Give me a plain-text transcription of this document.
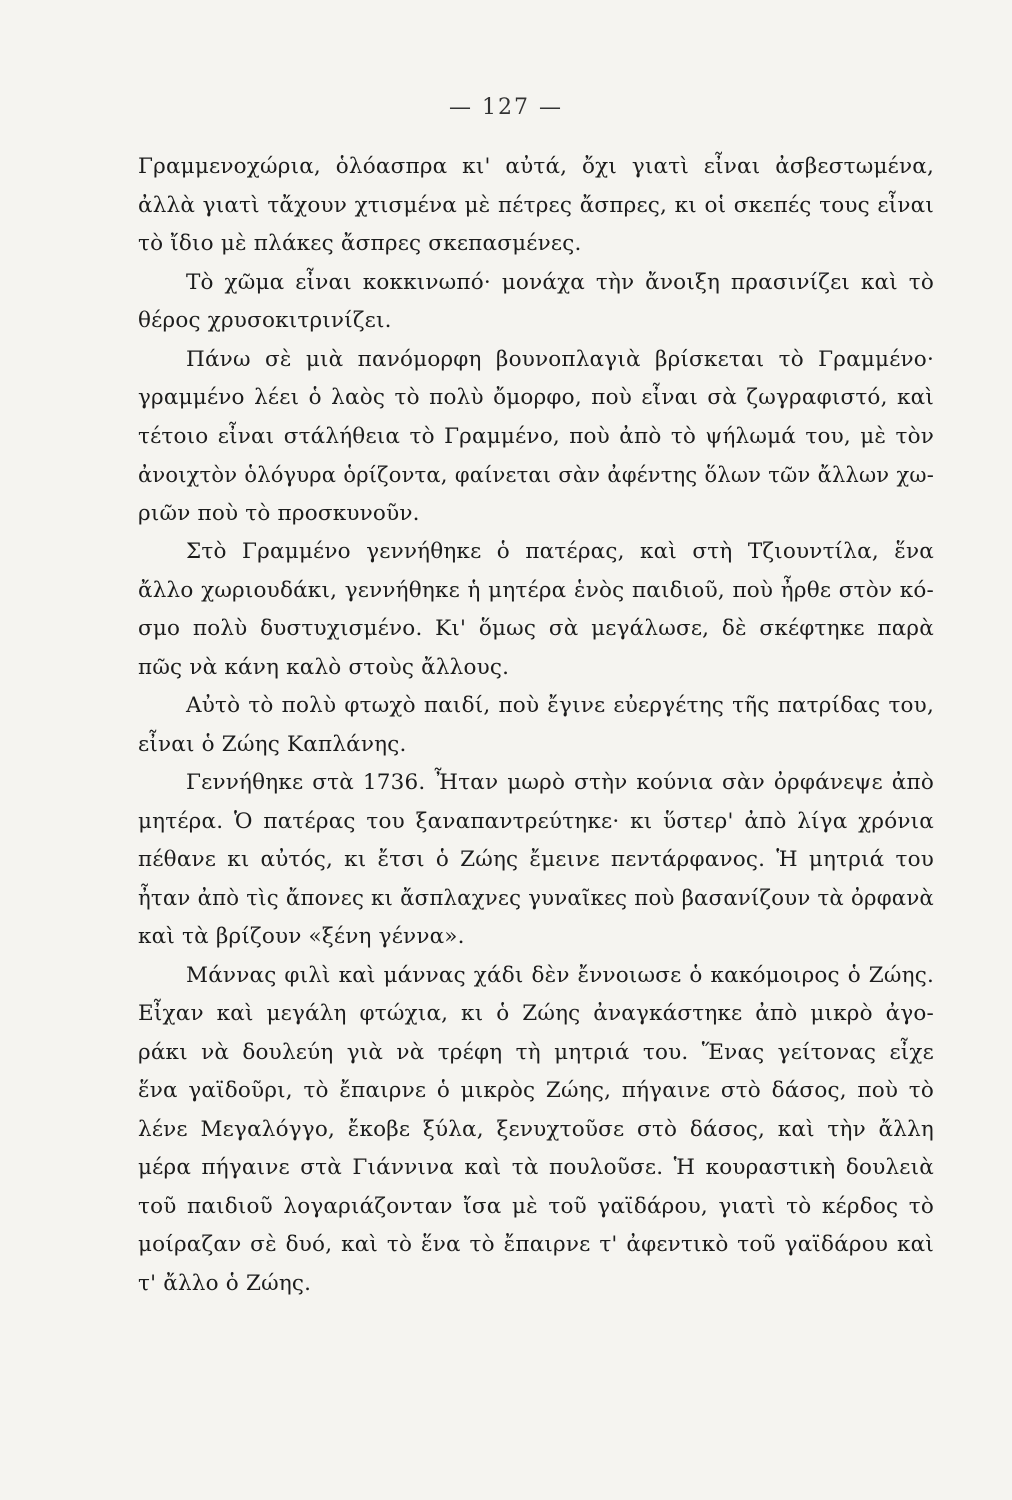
— 127 —
Γραμμενοχώρια, ὁλόασπρα κι' αὐτά, ὄχι γιατὶ εἶναι ἀσβεστωμένα,
ἀλλὰ γιατὶ τἄχουν χτισμένα μὲ πέτρες ἄσπρες, κι οἱ σκεπές τους εἶναι
τὸ ἴδιο μὲ πλάκες ἄσπρες σκεπασμένες.
Τὸ χῶμα εἶναι κοκκινωπό· μονάχα τὴν ἄνοιξη πρασινίζει καὶ τὸ
θέρος χρυσοκιτρινίζει.
Πάνω σὲ μιὰ πανόμορφη βουνοπλαγιὰ βρίσκεται τὸ Γραμμένο·
γραμμένο λέει ὁ λαὸς τὸ πολὺ ὄμορφο, ποὺ εἶναι σὰ ζωγραφιστό, καὶ
τέτοιο εἶναι στάλήθεια τὸ Γραμμένο, ποὺ ἀπὸ τὸ ψήλωμά του, μὲ τὸν
ἀνοιχτὸν ὁλόγυρα ὁρίζοντα, φαίνεται σὰν ἀφέντης ὅλων τῶν ἄλλων χω-
ριῶν ποὺ τὸ προσκυνοῦν.
Στὸ Γραμμένο γεννήθηκε ὁ πατέρας, καὶ στὴ Τζιουντίλα, ἕνα
ἄλλο χωριουδάκι, γεννήθηκε ἡ μητέρα ἑνὸς παιδιοῦ, ποὺ ἦρθε στὸν κό-
σμο πολὺ δυστυχισμένο. Κι' ὅμως σὰ μεγάλωσε, δὲ σκέφτηκε παρὰ
πῶς νὰ κάνη καλὸ στοὺς ἄλλους.
Αὐτὸ τὸ πολὺ φτωχὸ παιδί, ποὺ ἔγινε εὐεργέτης τῆς πατρίδας του,
εἶναι ὁ Ζώης Καπλάνης.
Γεννήθηκε στὰ 1736. Ἦταν μωρὸ στὴν κούνια σὰν ὀρφάνεψε ἀπὸ
μητέρα. Ὁ πατέρας του ξαναπαντρεύτηκε· κι ὕστερ' ἀπὸ λίγα χρόνια
πέθανε κι αὐτός, κι ἔτσι ὁ Ζώης ἔμεινε πεντάρφανος. Ἡ μητριά του
ἦταν ἀπὸ τὶς ἄπονες κι ἄσπλαχνες γυναῖκες ποὺ βασανίζουν τὰ ὀρφανὰ
καὶ τὰ βρίζουν «ξένη γέννα».
Μάννας φιλὶ καὶ μάννας χάδι δὲν ἔννοιωσε ὁ κακόμοιρος ὁ Ζώης.
Εἶχαν καὶ μεγάλη φτώχια, κι ὁ Ζώης ἀναγκάστηκε ἀπὸ μικρὸ ἀγο-
ράκι νὰ δουλεύη γιὰ νὰ τρέφη τὴ μητριά του. Ἕνας γείτονας εἶχε
ἕνα γαϊδοῦρι, τὸ ἔπαιρνε ὁ μικρὸς Ζώης, πήγαινε στὸ δάσος, ποὺ τὸ
λένε Μεγαλόγγο, ἔκοβε ξύλα, ξενυχτοῦσε στὸ δάσος, καὶ τὴν ἄλλη
μέρα πήγαινε στὰ Γιάννινα καὶ τὰ πουλοῦσε. Ἡ κουραστικὴ δουλειὰ
τοῦ παιδιοῦ λογαριάζονταν ἴσα μὲ τοῦ γαϊδάρου, γιατὶ τὸ κέρδος τὸ
μοίραζαν σὲ δυό, καὶ τὸ ἕνα τὸ ἔπαιρνε τ' ἀφεντικὸ τοῦ γαϊδάρου καὶ
τ' ἄλλο ὁ Ζώης.
